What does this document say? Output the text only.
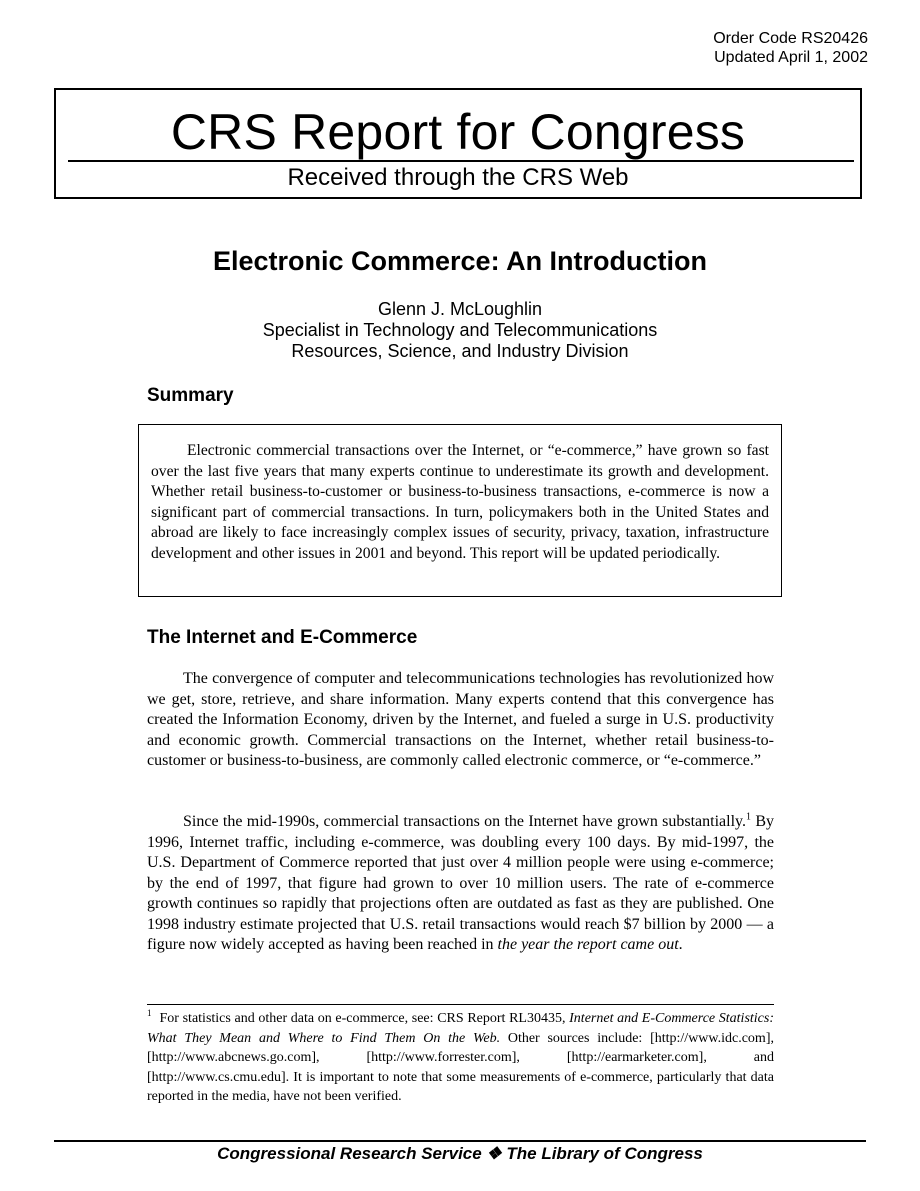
Order Code RS20426
Updated April 1, 2002
CRS Report for Congress
Received through the CRS Web
Electronic Commerce: An Introduction
Glenn J. McLoughlin
Specialist in Technology and Telecommunications
Resources, Science, and Industry Division
Summary

Electronic commercial transactions over the Internet, or “e-commerce,” have grown so fast over the last five years that many experts continue to underestimate its growth and development. Whether retail business-to-customer or business-to-business transactions, e-commerce is now a significant part of commercial transactions. In turn, policymakers both in the United States and abroad are likely to face increasingly complex issues of security, privacy, taxation, infrastructure development and other issues in 2001 and beyond. This report will be updated periodically.

The Internet and E-Commerce

The convergence of computer and telecommunications technologies has revolutionized how we get, store, retrieve, and share information. Many experts contend that this convergence has created the Information Economy, driven by the Internet, and fueled a surge in U.S. productivity and economic growth. Commercial transactions on the Internet, whether retail business-to-customer or business-to-business, are commonly called electronic commerce, or “e-commerce.”

Since the mid-1990s, commercial transactions on the Internet have grown substantially.$^1$ By 1996, Internet traffic, including e-commerce, was doubling every 100 days. By mid-1997, the U.S. Department of Commerce reported that just over 4 million people were using e-commerce; by the end of 1997, that figure had grown to over 10 million users. The rate of e-commerce growth continues so rapidly that projections often are outdated as fast as they are published. One 1998 industry estimate projected that U.S. retail transactions would reach $7 billion by 2000 — a figure now widely accepted as having been reached in the year the report came out.

$^1$ For statistics and other data on e-commerce, see: CRS Report RL30435, Internet and E-Commerce Statistics: What They Mean and Where to Find Them On the Web. Other sources include: [http://www.idc.com], [http://www.abcnews.go.com], [http://www.forrester.com], [http://earmarketer.com], and [http://www.cs.cmu.edu]. It is important to note that some measurements of e-commerce, particularly that data reported in the media, have not been verified.

Congressional Research Service ❖ The Library of Congress
